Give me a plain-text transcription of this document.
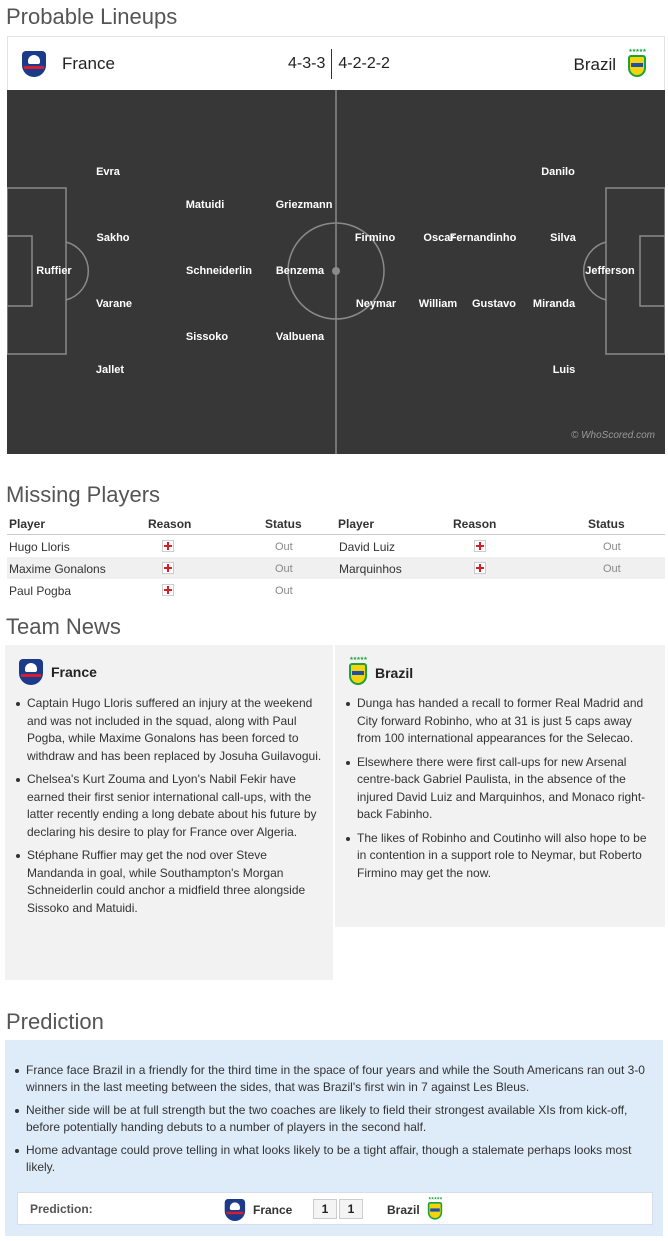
Probable Lineups
France	4-3-3 4-2-2-2	Brazil
★★★★★
Ruffier
Evra
Sakho
Varane
Jallet
Matuidi
Schneiderlin
Sissoko
Griezmann
Benzema
Valbuena
Jefferson
Danilo
Silva
Miranda
Luis
Fernandinho
Gustavo
Oscar
William
Firmino
Neymar
© WhoScored.com
Missing Players
Player	Reason	Status
Hugo Lloris	Out
Maxime Gonalons	Out
Paul Pogba	Out
Player	Reason	Status
David Luiz	Out
Marquinhos	Out
Team News
France
Captain Hugo Lloris suffered an injury at the weekend and was not included in the squad, along with Paul Pogba, while Maxime Gonalons has been forced to withdraw and has been replaced by Josuha Guilavogui.
Chelsea's Kurt Zouma and Lyon's Nabil Fekir have earned their first senior international call-ups, with the latter recently ending a long debate about his future by declaring his desire to play for France over Algeria.
Stéphane Ruffier may get the nod over Steve Mandanda in goal, while Southampton's Morgan Schneiderlin could anchor a midfield three alongside Sissoko and Matuidi.
★★★★★
Brazil
Dunga has handed a recall to former Real Madrid and City forward Robinho, who at 31 is just 5 caps away from 100 international appearances for the Selecao.
Elsewhere there were first call-ups for new Arsenal centre-back Gabriel Paulista, in the absence of the injured David Luiz and Marquinhos, and Monaco right-back Fabinho.
The likes of Robinho and Coutinho will also hope to be in contention in a support role to Neymar, but Roberto Firmino may get the now.
Prediction
France face Brazil in a friendly for the third time in the space of four years and while the South Americans ran out 3-0 winners in the last meeting between the sides, that was Brazil's first win in 7 against Les Bleus.
Neither side will be at full strength but the two coaches are likely to field their strongest available XIs from kick-off, before potentially handing debuts to a number of players in the second half.
Home advantage could prove telling in what looks likely to be a tight affair, though a stalemate perhaps looks most likely.
Prediction:	France	1	1	Brazil
★★★★★
